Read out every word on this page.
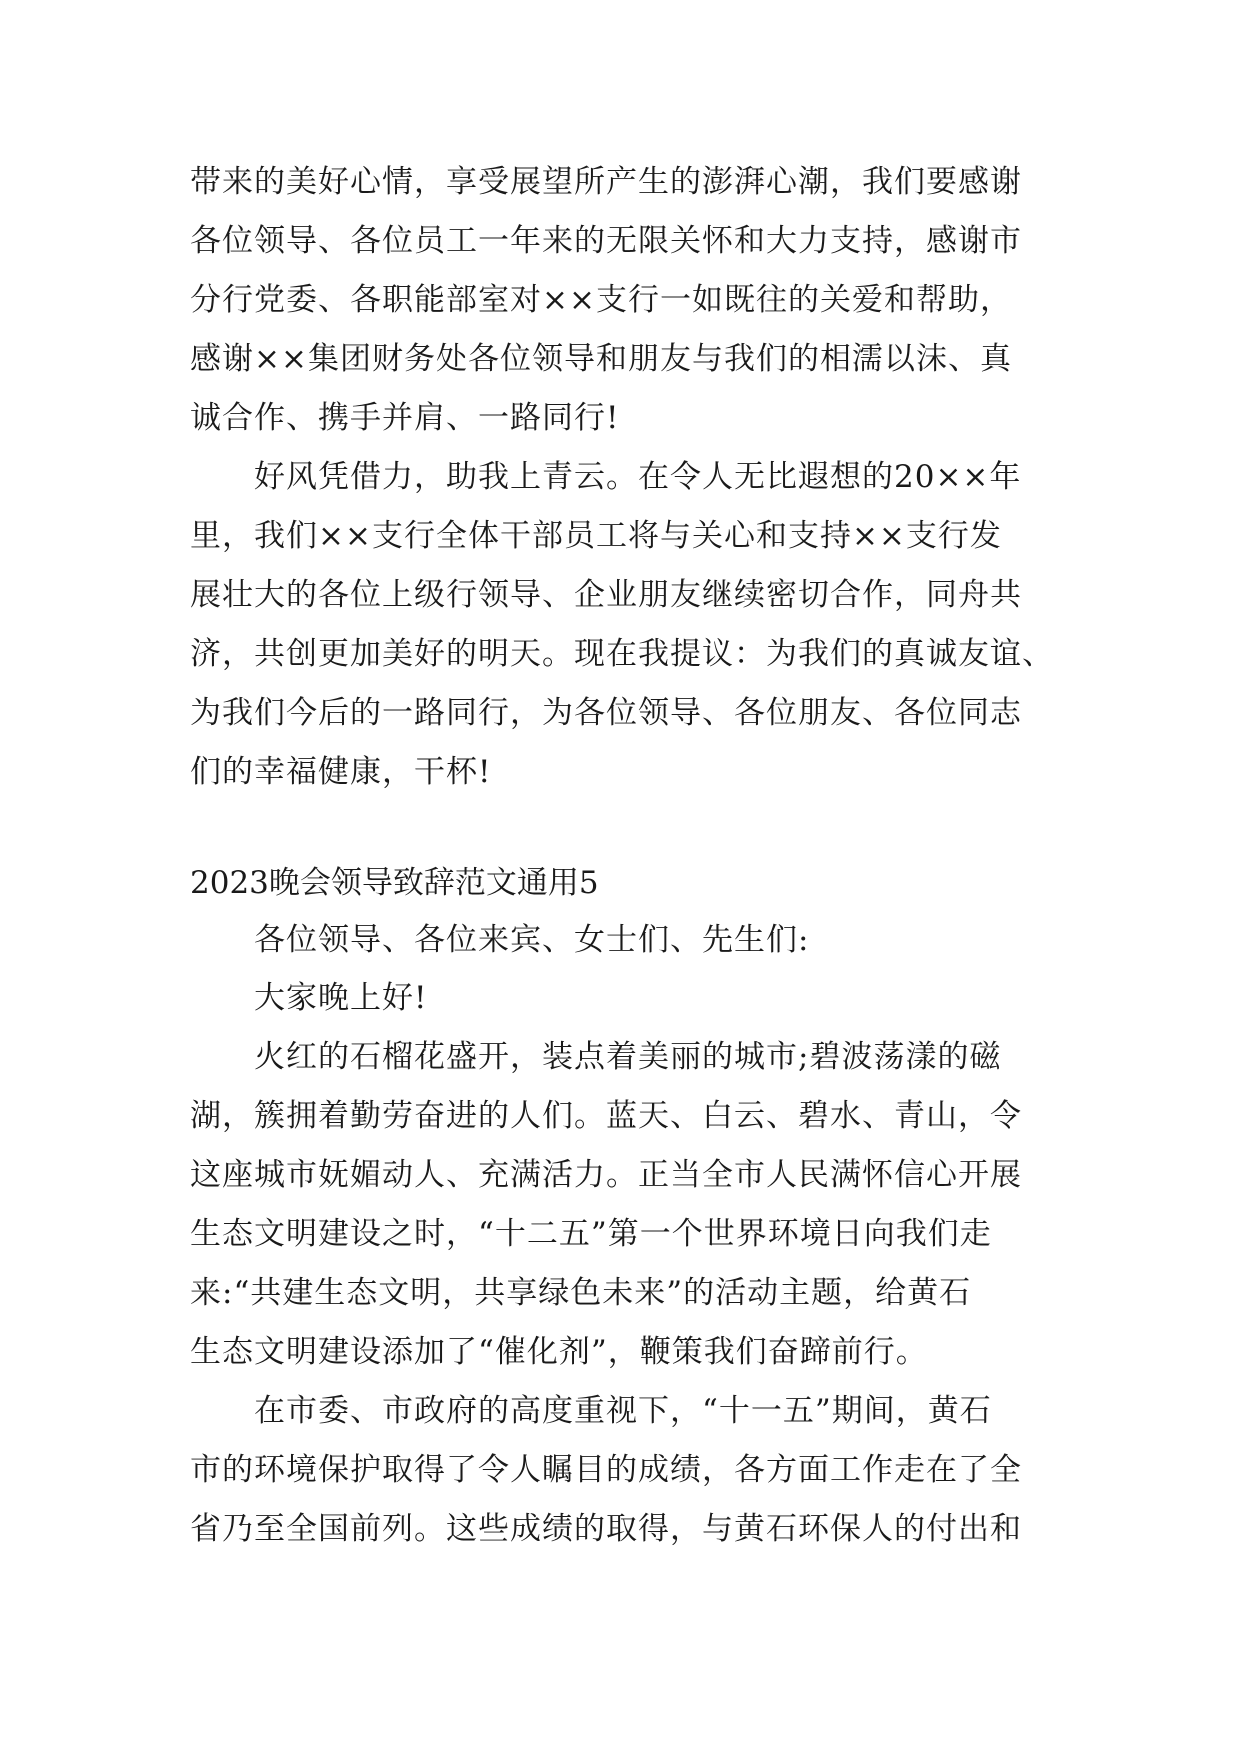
带来的美好心情，享受展望所产生的澎湃心潮，我们要感谢
各位领导、各位员工一年来的无限关怀和大力支持，感谢市
分行党委、各职能部室对××支行一如既往的关爱和帮助，
感谢××集团财务处各位领导和朋友与我们的相濡以沫、真
诚合作、携手并肩、一路同行!
好风凭借力，助我上青云。在令人无比遐想的20××年
里，我们××支行全体干部员工将与关心和支持××支行发
展壮大的各位上级行领导、企业朋友继续密切合作，同舟共
济，共创更加美好的明天。现在我提议：为我们的真诚友谊、
为我们今后的一路同行，为各位领导、各位朋友、各位同志
们的幸福健康，干杯!
2023晚会领导致辞范文通用5
各位领导、各位来宾、女士们、先生们:
大家晚上好!
火红的石榴花盛开，装点着美丽的城市;碧波荡漾的磁
湖，簇拥着勤劳奋进的人们。蓝天、白云、碧水、青山，令
这座城市妩媚动人、充满活力。正当全市人民满怀信心开展
生态文明建设之时，“十二五”第一个世界环境日向我们走
来:“共建生态文明，共享绿色未来”的活动主题，给黄石
生态文明建设添加了“催化剂”，鞭策我们奋蹄前行。
在市委、市政府的高度重视下，“十一五”期间，黄石
市的环境保护取得了令人瞩目的成绩，各方面工作走在了全
省乃至全国前列。这些成绩的取得，与黄石环保人的付出和
